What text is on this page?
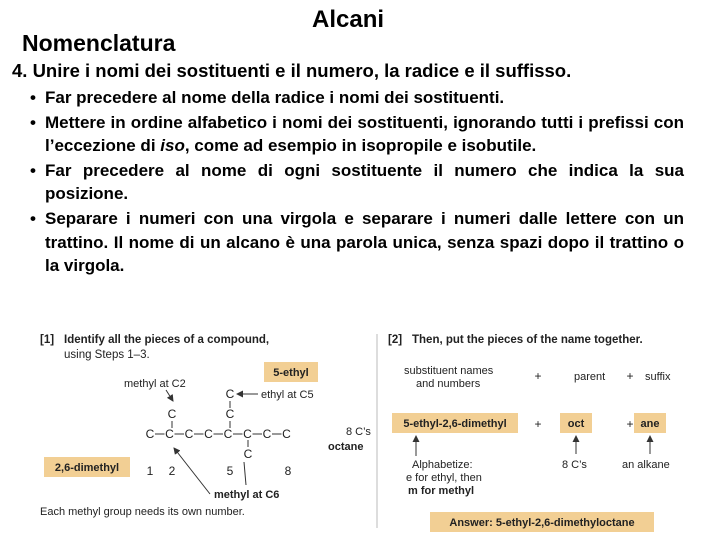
Alcani
Nomenclatura
4. Unire i nomi dei sostituenti e il numero, la radice e il suffisso.
• Far precedere al nome della radice i nomi dei sostituenti.
• Mettere in ordine alfabetico i nomi dei sostituenti, ignorando tutti i prefissi con l’eccezione di iso, come ad esempio in isopropile e isobutile.
• Far precedere al nome di ogni sostituente il numero che indica la sua posizione.
• Separare i numeri con una virgola e separare i numeri dalle lettere con un trattino. Il nome di un alcano è una parola unica, senza spazi dopo il trattino o la virgola.
[1] Identify all the pieces of a compound,
using Steps 1–3.
methyl at C2
5-ethyl
ethyl at C5
C
C
C
C C C C C C C C
C
8 C’s
octane
2,6-dimethyl 1 2	5	8
methyl at C6
Each methyl group needs its own number.
[2] Then, put the pieces of the name together.
substituent names
and numbers
+	parent + suffix
5-ethyl-2,6-dimethyl + oct	+ ane
Alphabetize:
e for ethyl, then
m for methyl
8 C’s	an alkane
Answer: 5-ethyl-2,6-dimethyloctane
